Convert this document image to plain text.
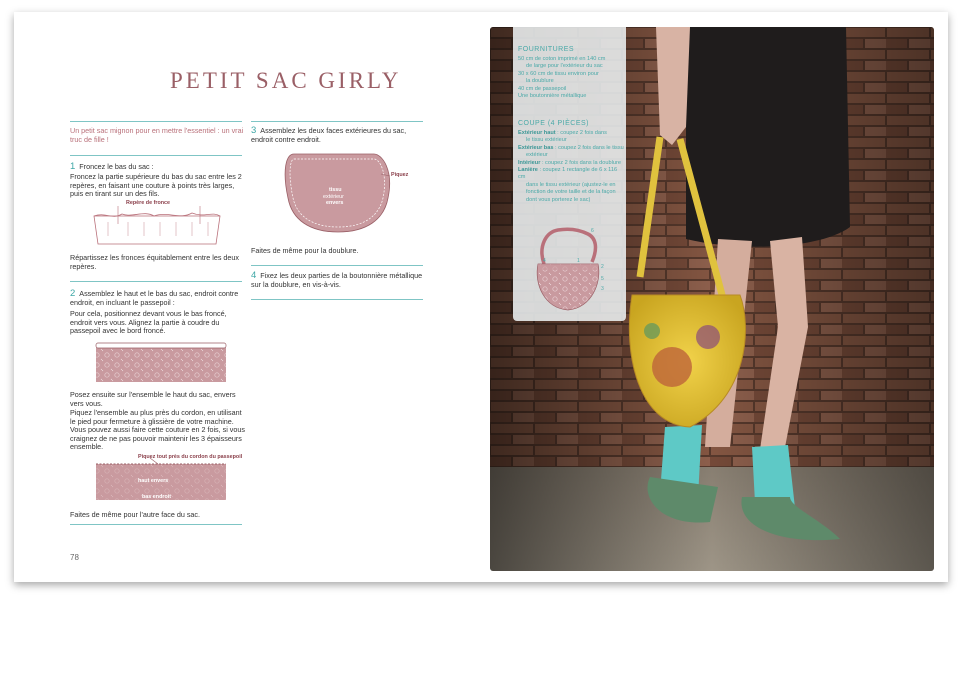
PETIT SAC GIRLY
Un petit sac mignon pour en mettre l'essentiel : un vrai truc de fille !
1 Froncez le bas du sac :
Froncez la partie supérieure du bas du sac entre les 2 repères, en faisant une couture à points très larges, puis en tirant sur un des fils.
Repère de fronce
Répartissez les fronces équitablement entre les deux repères.
2 Assemblez le haut et le bas du sac, endroit contre endroit, en incluant le passepoil :
Pour cela, positionnez devant vous le bas froncé, endroit vers vous. Alignez la partie à coudre du passepoil avec le bord froncé.
Posez ensuite sur l'ensemble le haut du sac, envers vers vous.
Piquez l'ensemble au plus près du cordon, en utilisant le pied pour fermeture à glissière de votre machine. Vous pouvez aussi faire cette couture en 2 fois, si vous craignez de ne pas pouvoir maintenir les 3 épaisseurs ensemble.
Piquez tout près du cordon du passepoil
haut envers
bas endroit
Faites de même pour l'autre face du sac.
78
3 Assemblez les deux faces extérieures du sac, endroit contre endroit.
Piquez
tissu
extérieur
envers
Faites de même pour la doublure.
4 Fixez les deux parties de la boutonnière métallique sur la doublure, en vis-à-vis.
FOURNITURES
50 cm de coton imprimé en 140 cm
de large pour l'extérieur du sac
30 x 60 cm de tissu environ pour
la doublure
40 cm de passepoil
Une boutonnière métallique
COUPE (4 PIÈCES)
Extérieur haut : coupez 2 fois dans
le tissu extérieur
Extérieur bas : coupez 2 fois dans le tissu
extérieur
Intérieur : coupez 2 fois dans la doublure
Lanière : coupez 1 rectangle de 6 x 116 cm
dans le tissu extérieur (ajustez-le en
fonction de votre taille et de la façon
dont vous porterez le sac)
6
4	1
2
5
3
